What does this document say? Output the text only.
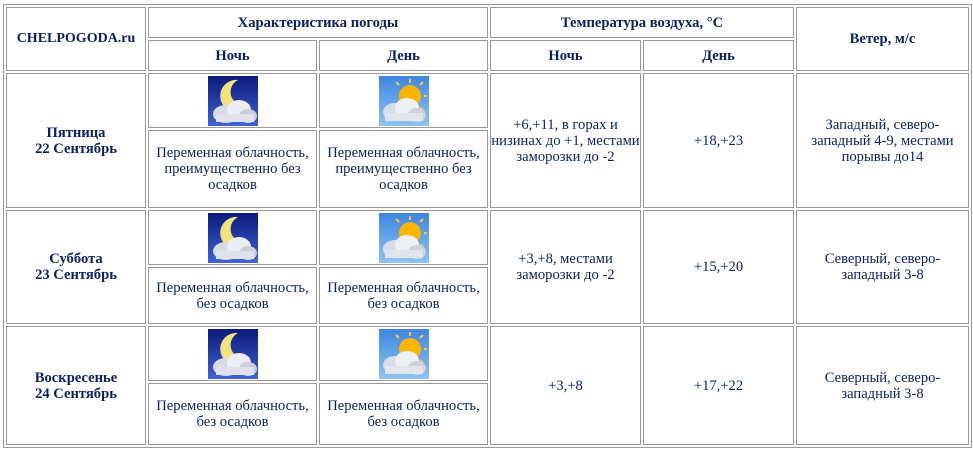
CHELPOGODA.ru	Характеристика погоды		Температура воздуха, °C		Ветер, м/с
	Ночь	День	Ночь	День	
Пятница
22 Сентябрь			+6,+11, в горах и низинах до +1, местами заморозки до -2	+18,+23	Западный, северо-западный 4-9, местами порывы до14
	Переменная облачность, преимущественно без осадков	Переменная облачность, преимущественно без осадков			
Суббота
23 Сентябрь			+3,+8, местами заморозки до -2	+15,+20	Северный, северо-западный 3-8
	Переменная облачность, без осадков	Переменная облачность, без осадков			
Воскресенье
24 Сентябрь			+3,+8	+17,+22	Северный, северо-западный 3-8
	Переменная облачность, без осадков	Переменная облачность, без осадков			
